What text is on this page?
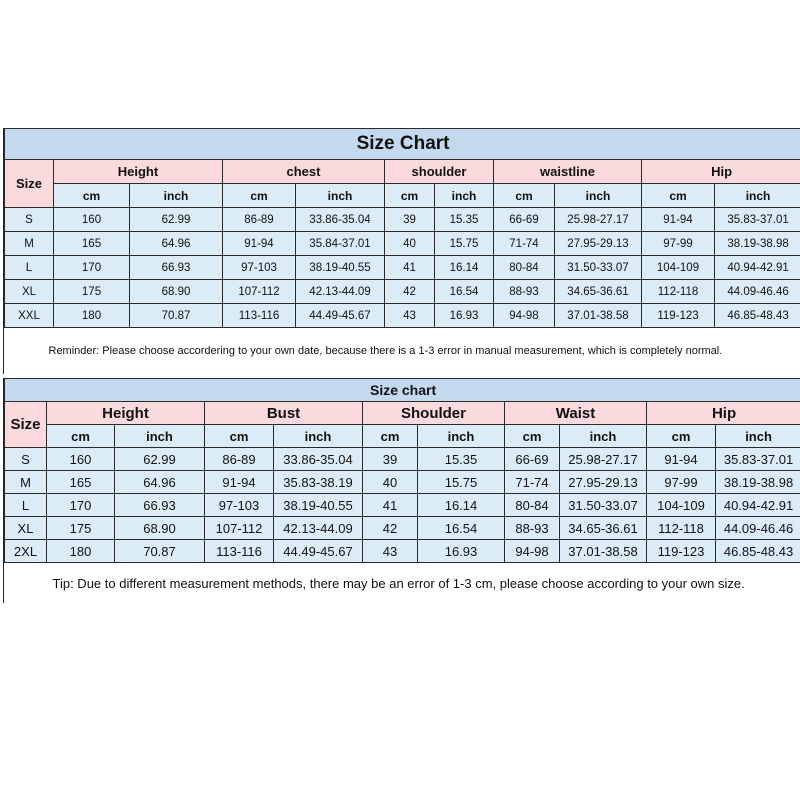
Size Chart										
Size	Height		chest		shoulder		waistline		Hip	
	cm	inch	cm	inch	cm	inch	cm	inch	cm	inch
S	160	62.99	86-89	33.86-35.04	39	15.35	66-69	25.98-27.17	91-94	35.83-37.01
M	165	64.96	91-94	35.84-37.01	40	15.75	71-74	27.95-29.13	97-99	38.19-38.98
L	170	66.93	97-103	38.19-40.55	41	16.14	80-84	31.50-33.07	104-109	40.94-42.91
XL	175	68.90	107-112	42.13-44.09	42	16.54	88-93	34.65-36.61	112-118	44.09-46.46
XXL	180	70.87	113-116	44.49-45.67	43	16.93	94-98	37.01-38.58	119-123	46.85-48.43
Reminder: Please choose accordering to your own date, because there is a 1-3 error in manual measurement, which is completely normal.										
Size chart										
Size	Height		Bust		Shoulder		Waist		Hip	
	cm	inch	cm	inch	cm	inch	cm	inch	cm	inch
S	160	62.99	86-89	33.86-35.04	39	15.35	66-69	25.98-27.17	91-94	35.83-37.01
M	165	64.96	91-94	35.83-38.19	40	15.75	71-74	27.95-29.13	97-99	38.19-38.98
L	170	66.93	97-103	38.19-40.55	41	16.14	80-84	31.50-33.07	104-109	40.94-42.91
XL	175	68.90	107-112	42.13-44.09	42	16.54	88-93	34.65-36.61	112-118	44.09-46.46
2XL	180	70.87	113-116	44.49-45.67	43	16.93	94-98	37.01-38.58	119-123	46.85-48.43
Tip: Due to different measurement methods, there may be an error of 1-3 cm, please choose according to your own size.										
